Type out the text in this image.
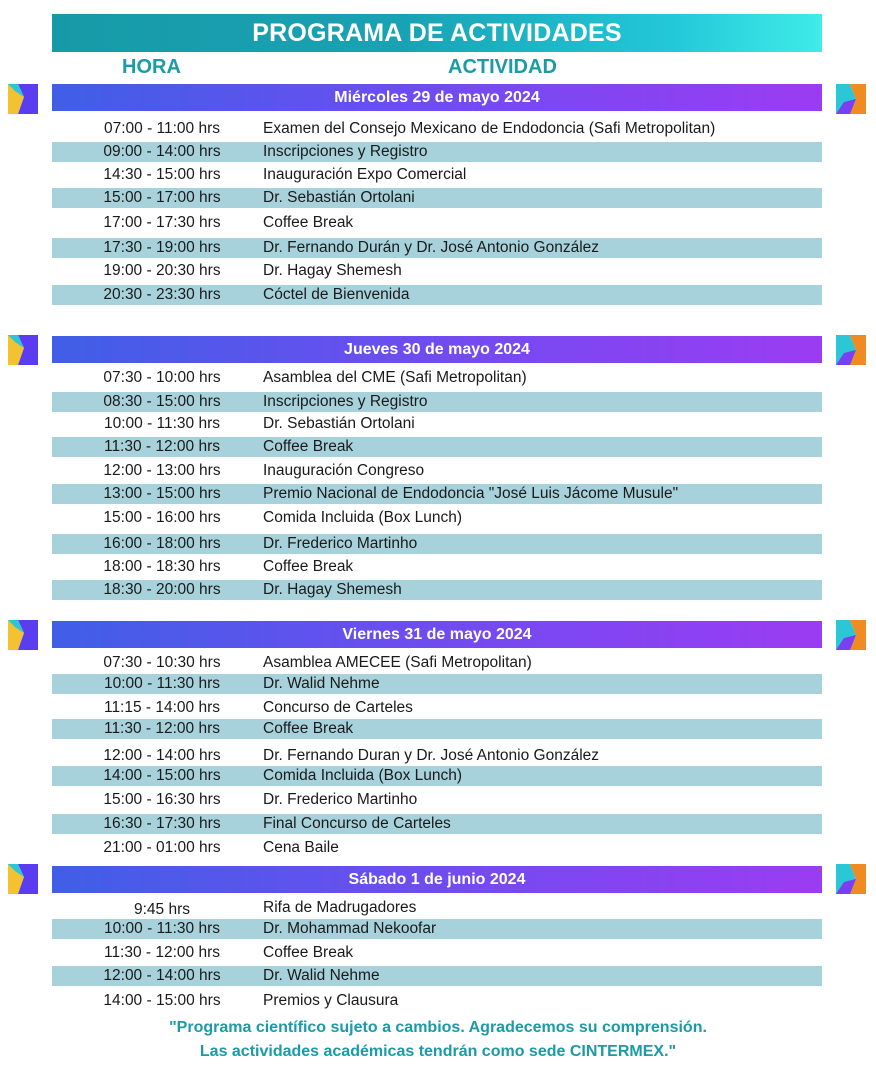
PROGRAMA DE ACTIVIDADES
HORA	ACTIVIDAD
Miércoles 29 de mayo 2024
07:00 - 11:00 hrs	Examen del Consejo Mexicano de Endodoncia (Safi Metropolitan)
09:00 - 14:00 hrs	Inscripciones y Registro
14:30 - 15:00 hrs	Inauguración Expo Comercial
15:00 - 17:00 hrs	Dr. Sebastián Ortolani
17:00 - 17:30 hrs	Coffee Break
17:30 - 19:00 hrs	Dr. Fernando Durán y Dr. José Antonio González
19:00 - 20:30 hrs	Dr. Hagay Shemesh
20:30 - 23:30 hrs	Cóctel de Bienvenida
Jueves 30 de mayo 2024
07:30 - 10:00 hrs	Asamblea del CME (Safi Metropolitan)
08:30 - 15:00 hrs	Inscripciones y Registro
10:00 - 11:30 hrs	Dr. Sebastián Ortolani
11:30 - 12:00 hrs	Coffee Break
12:00 - 13:00 hrs	Inauguración Congreso
13:00 - 15:00 hrs	Premio Nacional de Endodoncia "José Luis Jácome Musule"
15:00 - 16:00 hrs	Comida Incluida (Box Lunch)
16:00 - 18:00 hrs	Dr. Frederico Martinho
18:00 - 18:30 hrs	Coffee Break
18:30 - 20:00 hrs	Dr. Hagay Shemesh
Viernes 31 de mayo 2024
07:30 - 10:30 hrs	Asamblea AMECEE (Safi Metropolitan)
10:00 - 11:30 hrs	Dr. Walid Nehme
11:15 - 14:00 hrs	Concurso de Carteles
11:30 - 12:00 hrs	Coffee Break
12:00 - 14:00 hrs	Dr. Fernando Duran y Dr. José Antonio González
14:00 - 15:00 hrs	Comida Incluida (Box Lunch)
15:00 - 16:30 hrs	Dr. Frederico Martinho
16:30 - 17:30 hrs	Final Concurso de Carteles
21:00 - 01:00 hrs	Cena Baile
Sábado 1 de junio 2024
9:45 hrs	Rifa de Madrugadores
10:00 - 11:30 hrs	Dr. Mohammad Nekoofar
11:30 - 12:00 hrs	Coffee Break
12:00 - 14:00 hrs	Dr. Walid Nehme
14:00 - 15:00 hrs	Premios y Clausura
"Programa científico sujeto a cambios. Agradecemos su comprensión.
Las actividades académicas tendrán como sede CINTERMEX."
